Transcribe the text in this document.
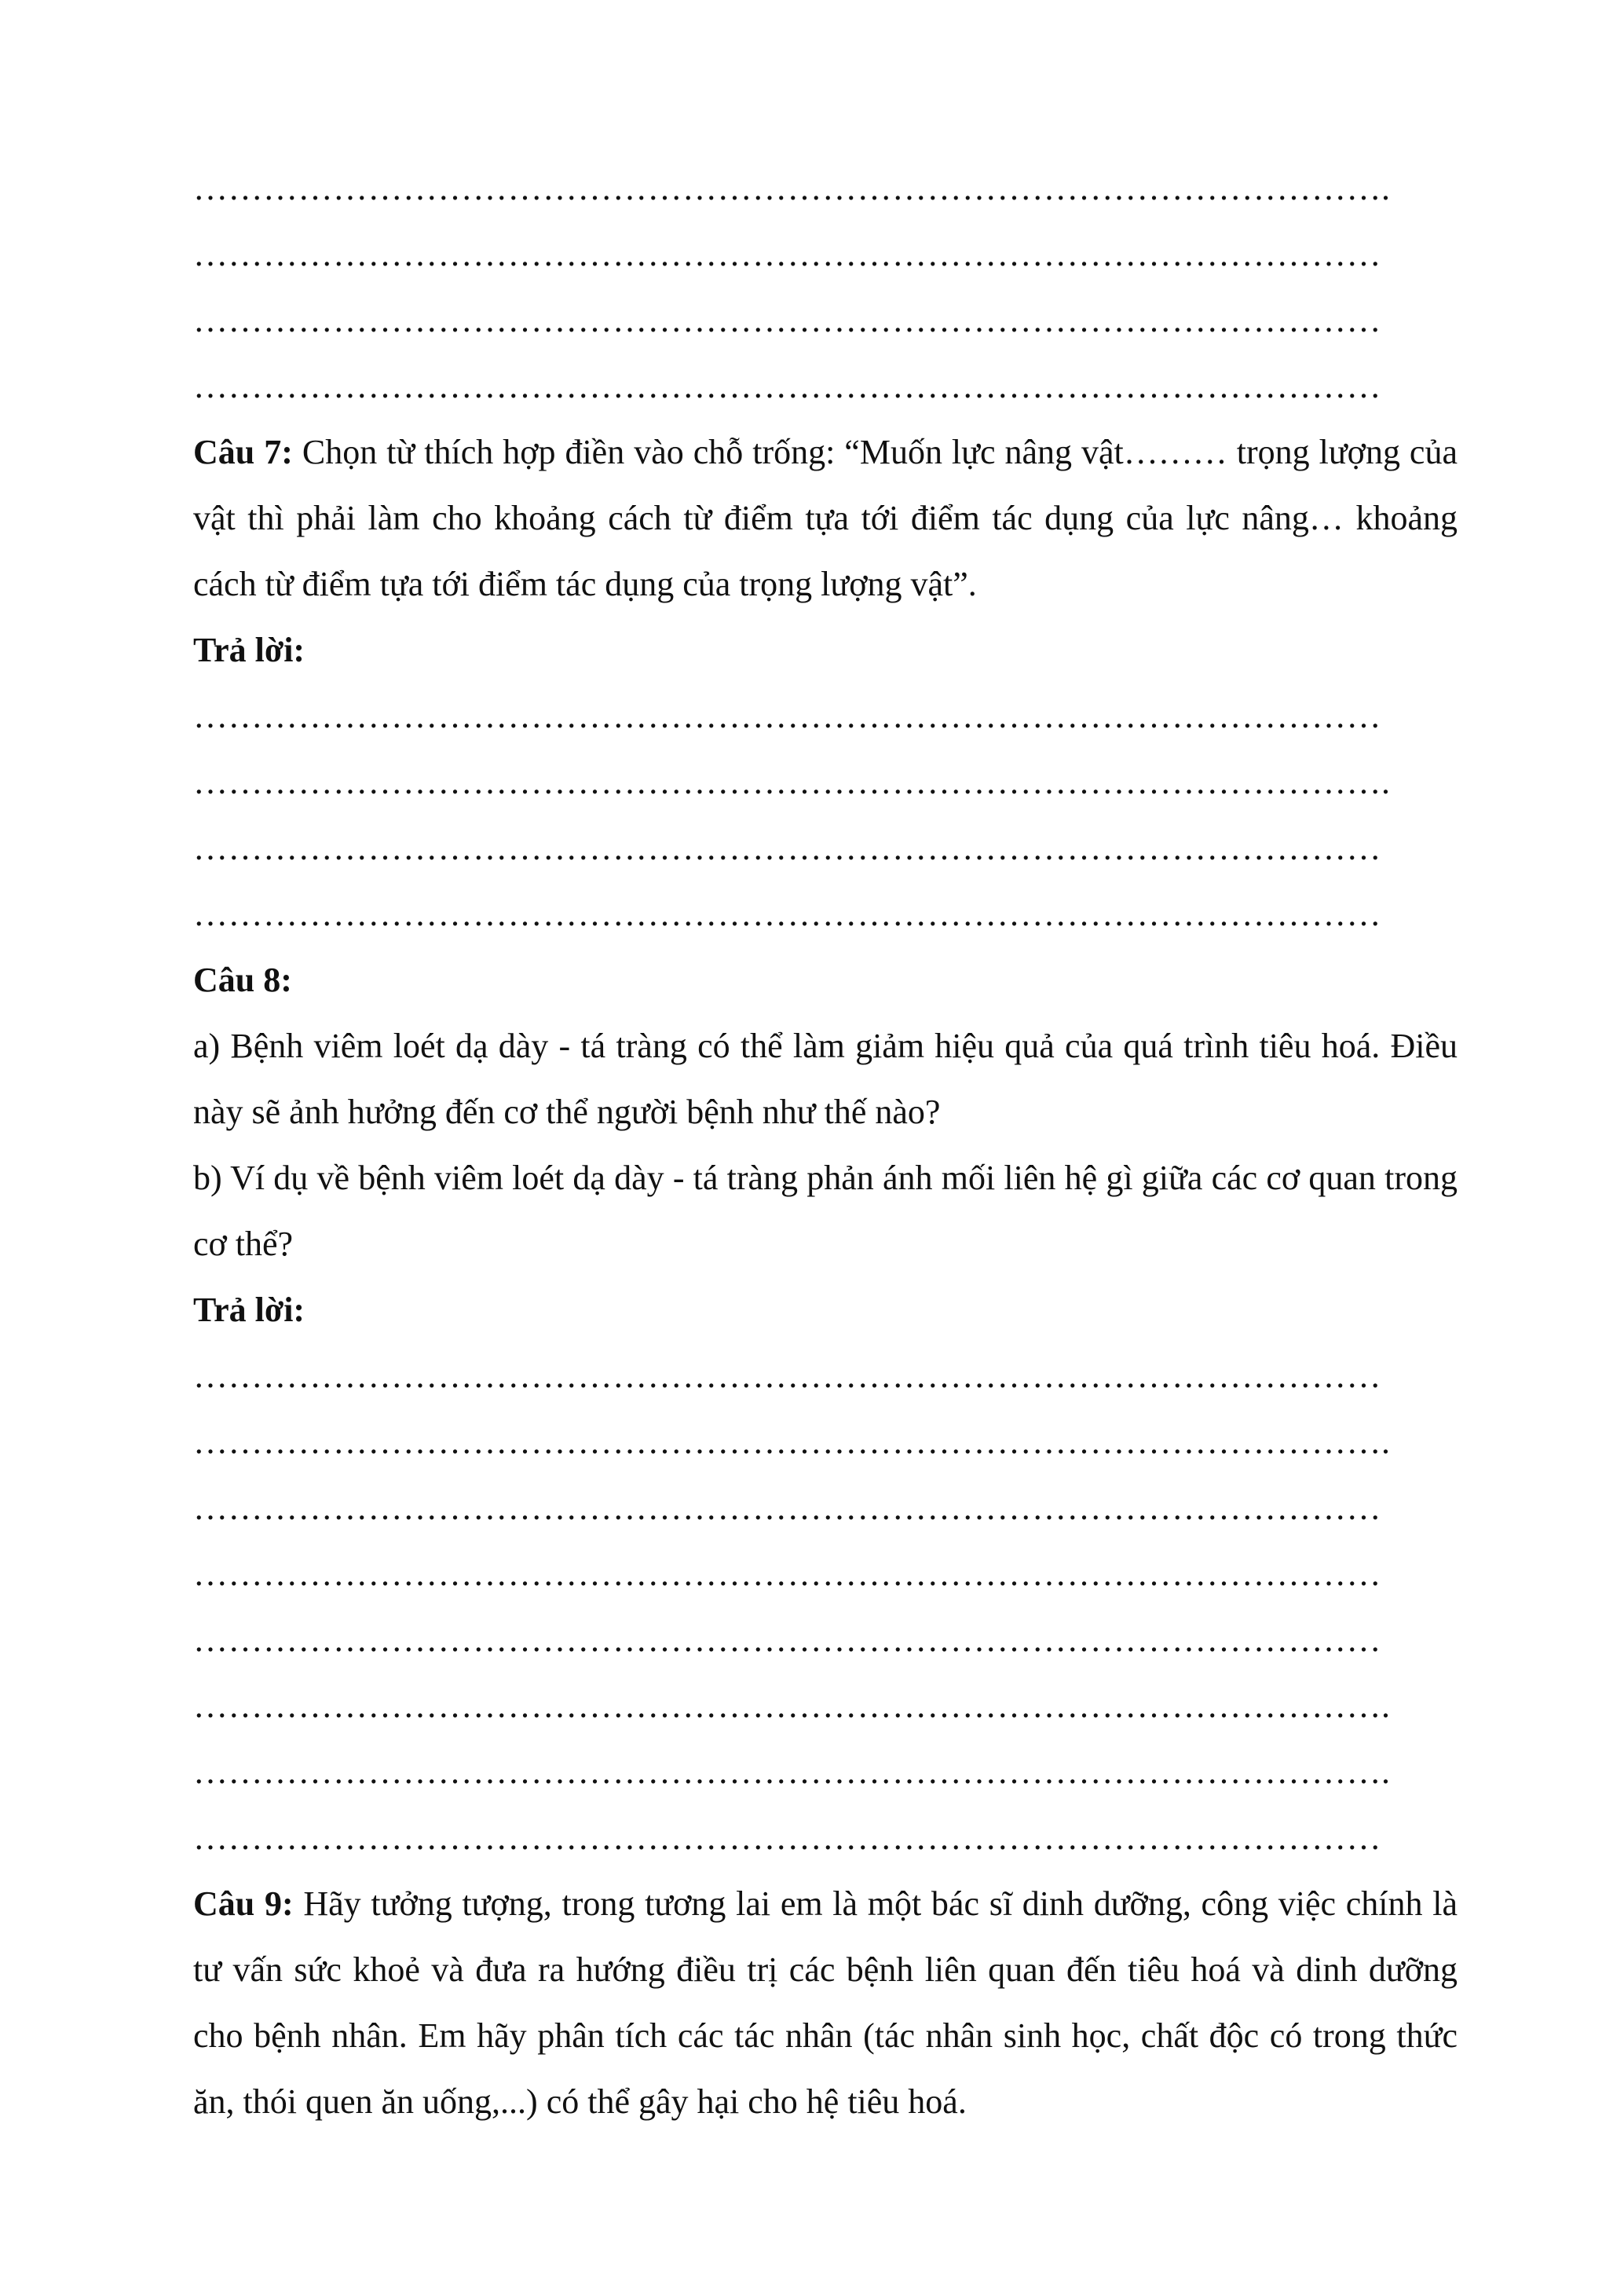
………………………………………………………………………………………….
…………………………………………………………………………………………
…………………………………………………………………………………………
…………………………………………………………………………………………
Câu 7: Chọn từ thích hợp điền vào chỗ trống: “Muốn lực nâng vật……… trọng lượng của vật thì phải làm cho khoảng cách từ điểm tựa tới điểm tác dụng của lực nâng… khoảng cách từ điểm tựa tới điểm tác dụng của trọng lượng vật”.
Trả lời:
…………………………………………………………………………………………
………………………………………………………………………………………….
…………………………………………………………………………………………
…………………………………………………………………………………………
Câu 8:
a) Bệnh viêm loét dạ dày - tá tràng có thể làm giảm hiệu quả của quá trình tiêu hoá. Điều này sẽ ảnh hưởng đến cơ thể người bệnh như thế nào?
b) Ví dụ về bệnh viêm loét dạ dày - tá tràng phản ánh mối liên hệ gì giữa các cơ quan trong cơ thể?
Trả lời:
…………………………………………………………………………………………
………………………………………………………………………………………….
…………………………………………………………………………………………
…………………………………………………………………………………………
…………………………………………………………………………………………
………………………………………………………………………………………….
………………………………………………………………………………………….
…………………………………………………………………………………………
Câu 9: Hãy tưởng tượng, trong tương lai em là một bác sĩ dinh dưỡng, công việc chính là tư vấn sức khoẻ và đưa ra hướng điều trị các bệnh liên quan đến tiêu hoá và dinh dưỡng cho bệnh nhân. Em hãy phân tích các tác nhân (tác nhân sinh học, chất độc có trong thức ăn, thói quen ăn uống,...) có thể gây hại cho hệ tiêu hoá.
